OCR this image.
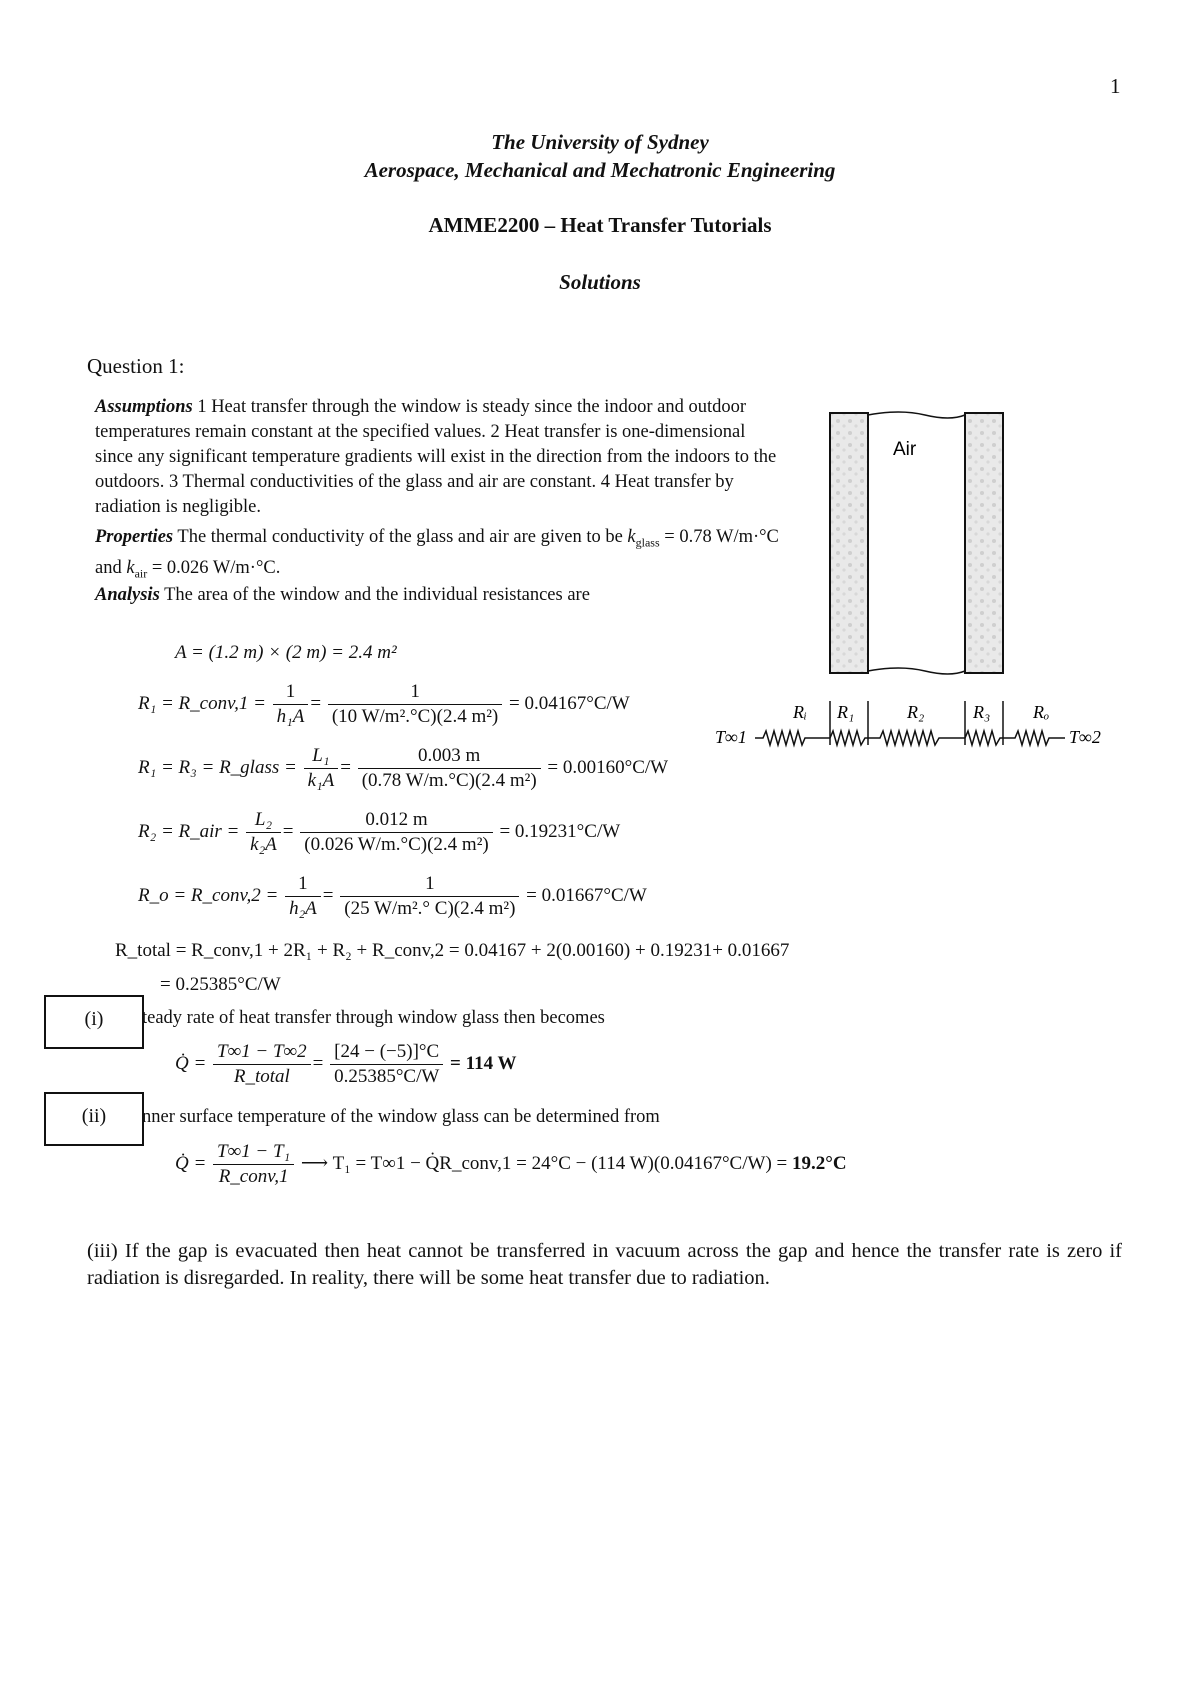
1
The University of Sydney
Aerospace, Mechanical and Mechatronic Engineering
AMME2200 – Heat Transfer Tutorials
Solutions
Question 1:
Assumptions 1 Heat transfer through the window is steady since the indoor and outdoor temperatures remain constant at the specified values. 2 Heat transfer is one-dimensional since any significant temperature gradients will exist in the direction from the indoors to the outdoors. 3 Thermal conductivities of the glass and air are constant. 4 Heat transfer by radiation is negligible.
Properties The thermal conductivity of the glass and air are given to be $k_{glass} = 0.78$ W/m·°C and $k_{air} = 0.026$ W/m·°C.
Analysis The area of the window and the individual resistances are
A = (1.2 m) × (2 m) = 2.4 m²
R₁ = R_conv,1 = $\frac{1}{\text{h₁A}} = \frac{1}{\text{(10 W/m².°C)(2.4 m²)}} = 0.04167^\circ C/W$
R₁ = R₃ = R_glass = $\frac{\text{L₁}}{\text{k₁A}} = \frac{0.003 m}{\text{(0.78 W/m.°C)(2.4 m²)}} = 0.00160^\circ C/W$
R₂ = R_air = $\frac{\text{L₂}}{\text{k₂A}} = \frac{0.012 m}{\text{(0.026 W/m.°C)(2.4 m²)}} = 0.19231^\circ C/W$
R_o = R_conv,2 = $\frac{1}{\text{h₂A}} = \frac{1}{\text{(25 W/m².° C)(2.4 m²)}} = 0.01667^\circ C/W$
R_total = R_conv,1 + 2R₁ + R₂ + R_conv,2 = 0.04167 + 2(0.00160) + 0.19231+ 0.01667
= 0.25385°C/W
(i)	teady rate of heat transfer through window glass then becomes
Q̇ = $\frac{T\infty 1 - T\infty 2}{\text{R\_total}} = \frac{[24 - (-5)]^\circ C}{0.25385^\circ C/W} = 114$ W
(ii)	nner surface temperature of the window glass can be determined from
Q̇ = $\frac{\text{T∞1 − T₁}}{\text{R\_conv,1}}$ ⟶ T₁ = T∞1 − Q̇R_conv,1 = 24°C − (114 W)(0.04167°C/W) = 19.2°C
(iii) If the gap is evacuated then heat cannot be transferred in vacuum across the gap and hence the transfer rate is zero if radiation is disregarded. In reality, there will be some heat transfer due to radiation.
Air
T∞1	T∞2
Rᵢ R₁	R₂	R₃ Rₒ
